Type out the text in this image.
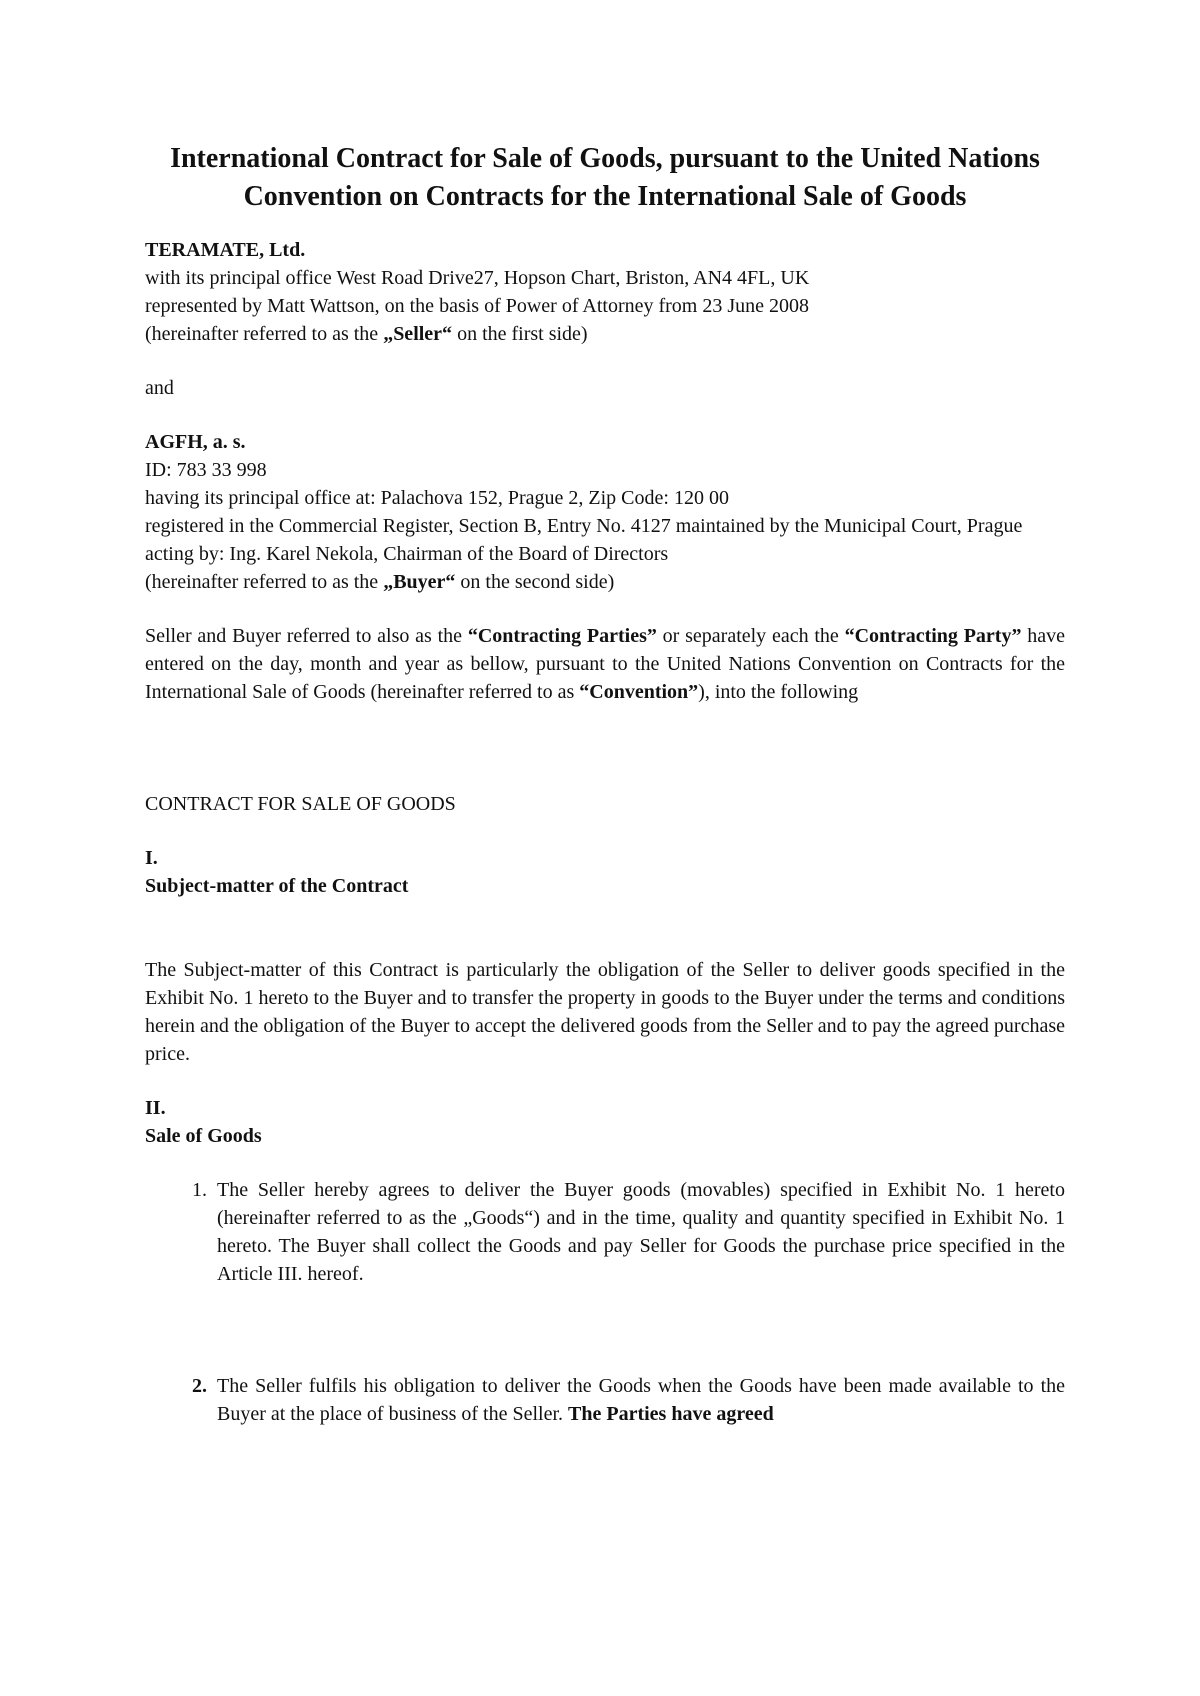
International Contract for Sale of Goods, pursuant to the United Nations Convention on Contracts for the International Sale of Goods

TERAMATE, Ltd.

with its principal office West Road Drive27, Hopson Chart, Briston, AN4 4FL, UK

represented by Matt Wattson, on the basis of Power of Attorney from 23 June 2008

(hereinafter referred to as the „Seller“ on the first side)

and

AGFH, a. s.

ID: 783 33 998

having its principal office at: Palachova 152, Prague 2, Zip Code: 120 00

registered in the Commercial Register, Section B, Entry No. 4127 maintained by the Municipal Court, Prague

acting by: Ing. Karel Nekola, Chairman of the Board of Directors

(hereinafter referred to as the „Buyer“ on the second side)

Seller and Buyer referred to also as the “Contracting Parties” or separately each the “Contracting Party” have entered on the day, month and year as bellow, pursuant to the United Nations Convention on Contracts for the International Sale of Goods (hereinafter referred to as “Convention”), into the following

CONTRACT FOR SALE OF GOODS

I.

Subject-matter of the Contract

The Subject-matter of this Contract is particularly the obligation of the Seller to deliver goods specified in the Exhibit No. 1 hereto to the Buyer and to transfer the property in goods to the Buyer under the terms and conditions herein and the obligation of the Buyer to accept the delivered goods from the Seller and to pay the agreed purchase price.

II.

Sale of Goods

1. The Seller hereby agrees to deliver the Buyer goods (movables) specified in Exhibit No. 1 hereto (hereinafter referred to as the „Goods“) and in the time, quality and quantity specified in Exhibit No. 1 hereto. The Buyer shall collect the Goods and pay Seller for Goods the purchase price specified in the Article III. hereof.
2. The Seller fulfils his obligation to deliver the Goods when the Goods have been made available to the Buyer at the place of business of the Seller. The Parties have agreed
